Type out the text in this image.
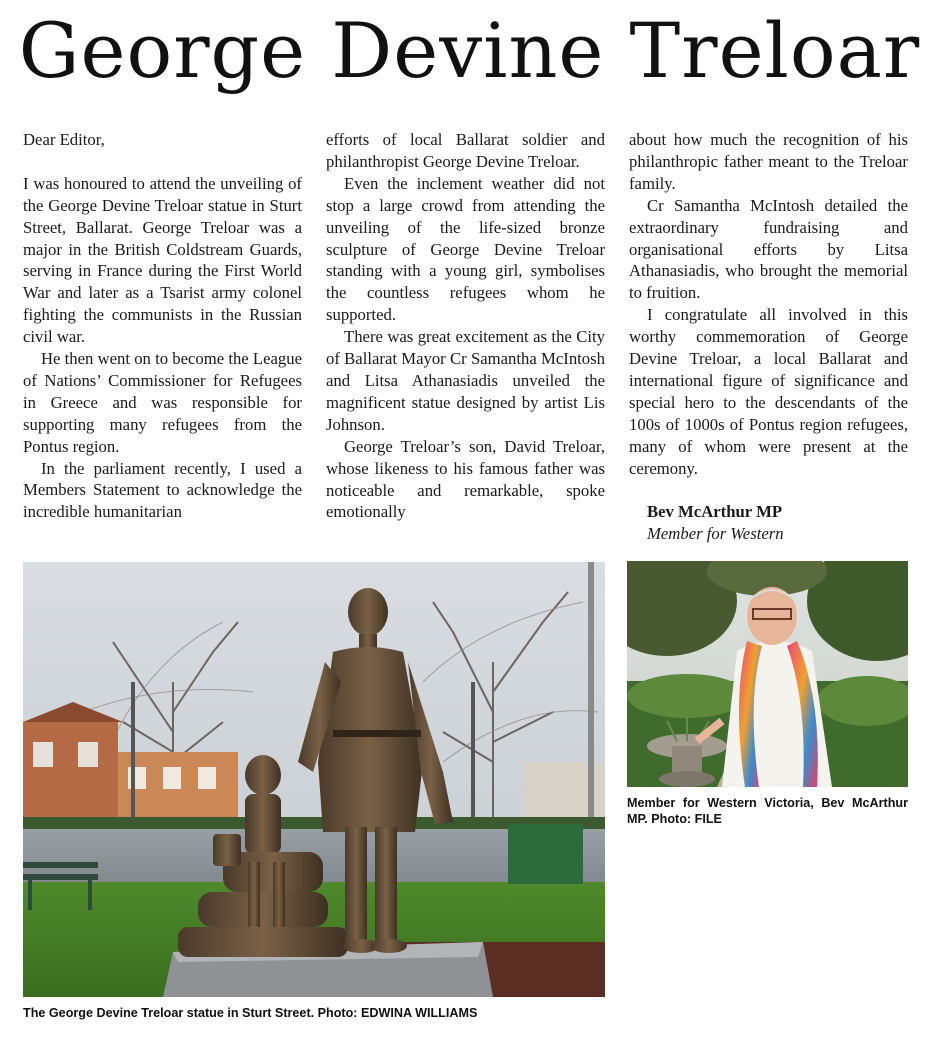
George Devine Treloar

Dear Editor,

I was honoured to attend the unveiling of the George Devine Treloar statue in Sturt Street, Ballarat. George Treloar was a major in the British Coldstream Guards, serving in France during the First World War and later as a Tsarist army colonel fighting the communists in the Russian civil war.

He then went on to become the League of Nations’ Commissioner for Refugees in Greece and was responsible for supporting many refugees from the Pontus region.

In the parliament recently, I used a Members Statement to acknowledge the incredible humanitarian

efforts of local Ballarat soldier and philanthropist George Devine Treloar.

Even the inclement weather did not stop a large crowd from attending the unveiling of the life-sized bronze sculpture of George Devine Treloar standing with a young girl, symbolises the countless refugees whom he supported.

There was great excitement as the City of Ballarat Mayor Cr Samantha McIntosh and Litsa Athanasiadis unveiled the magnificent statue designed by artist Lis Johnson.

George Treloar’s son, David Treloar, whose likeness to his famous father was noticeable and remarkable, spoke emotionally

about how much the recognition of his philanthropic father meant to the Treloar family.

Cr Samantha McIntosh detailed the extraordinary fundraising and organisational efforts by Litsa Athanasiadis, who brought the memorial to fruition.

I congratulate all involved in this worthy commemoration of George Devine Treloar, a local Ballarat and international figure of significance and special hero to the descendants of the 100s of 1000s of Pontus region refugees, many of whom were present at the ceremony.

Bev McArthur MP
Member for Western
The George Devine Treloar statue in Sturt Street. Photo: EDWINA WILLIAMS
Member for Western Victoria, Bev McArthur MP. Photo: FILE
